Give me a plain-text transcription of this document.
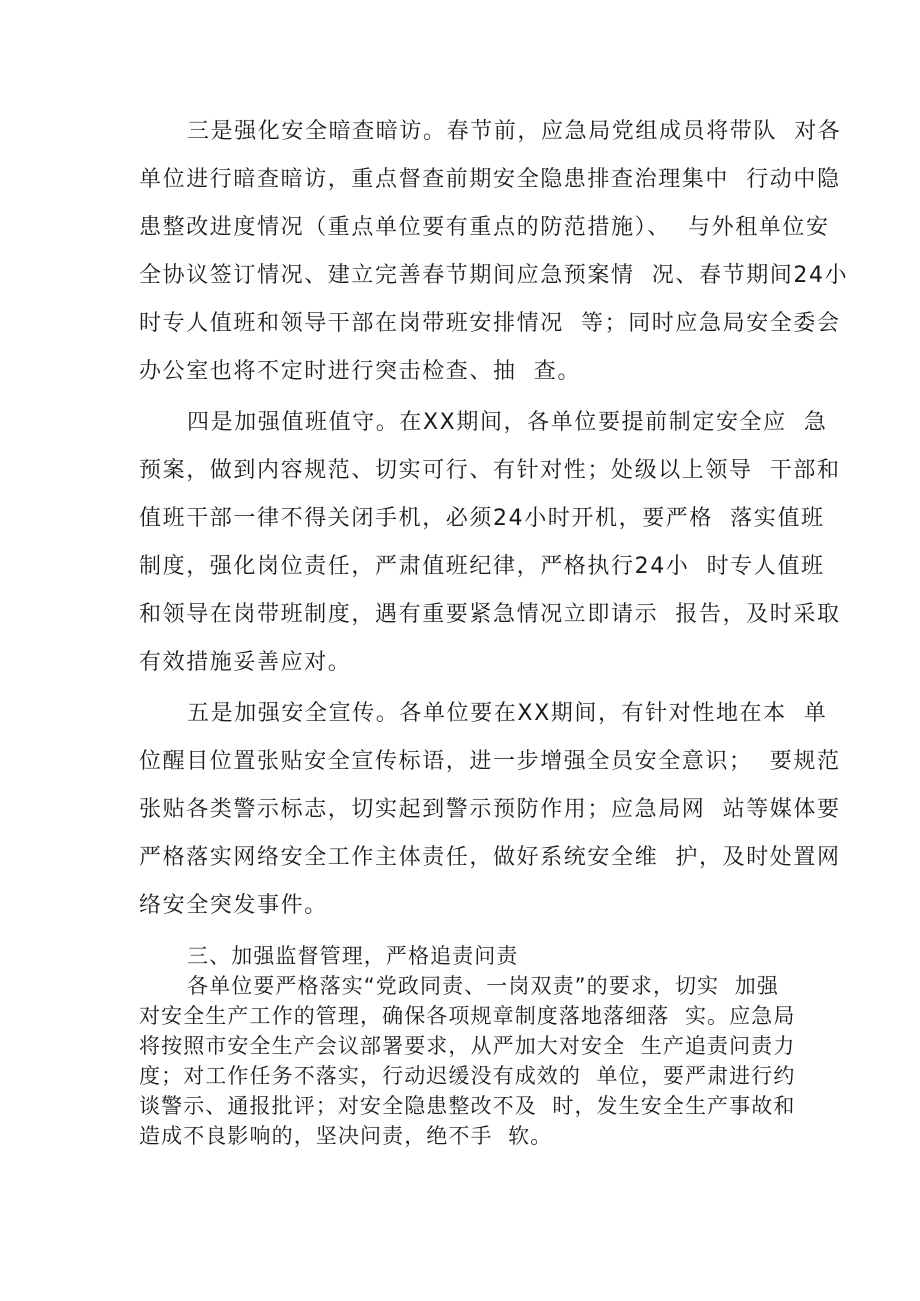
三是强化安全暗查暗访。春节前，应急局党组成员将带队  对各
单位进行暗查暗访，重点督查前期安全隐患排查治理集中  行动中隐
患整改进度情况（重点单位要有重点的防范措施）、  与外租单位安
全协议签订情况、建立完善春节期间应急预案情  况、春节期间24小
时专人值班和领导干部在岗带班安排情况  等；同时应急局安全委会
办公室也将不定时进行突击检查、抽  查。
四是加强值班值守。在XX期间，各单位要提前制定安全应  急
预案，做到内容规范、切实可行、有针对性；处级以上领导  干部和
值班干部一律不得关闭手机，必须24小时开机，要严格  落实值班
制度，强化岗位责任，严肃值班纪律，严格执行24小  时专人值班
和领导在岗带班制度，遇有重要紧急情况立即请示  报告，及时采取
有效措施妥善应对。
五是加强安全宣传。各单位要在XX期间，有针对性地在本  单
位醒目位置张贴安全宣传标语，进一步增强全员安全意识；  要规范
张贴各类警示标志，切实起到警示预防作用；应急局网  站等媒体要
严格落实网络安全工作主体责任，做好系统安全维  护，及时处置网
络安全突发事件。
三、加强监督管理，严格追责问责
各单位要严格落实“党政同责、一岗双责”的要求，切实  加强
对安全生产工作的管理，确保各项规章制度落地落细落  实。应急局
将按照市安全生产会议部署要求，从严加大对安全  生产追责问责力
度；对工作任务不落实，行动迟缓没有成效的  单位，要严肃进行约
谈警示、通报批评；对安全隐患整改不及  时，发生安全生产事故和
造成不良影响的，坚决问责，绝不手  软。
